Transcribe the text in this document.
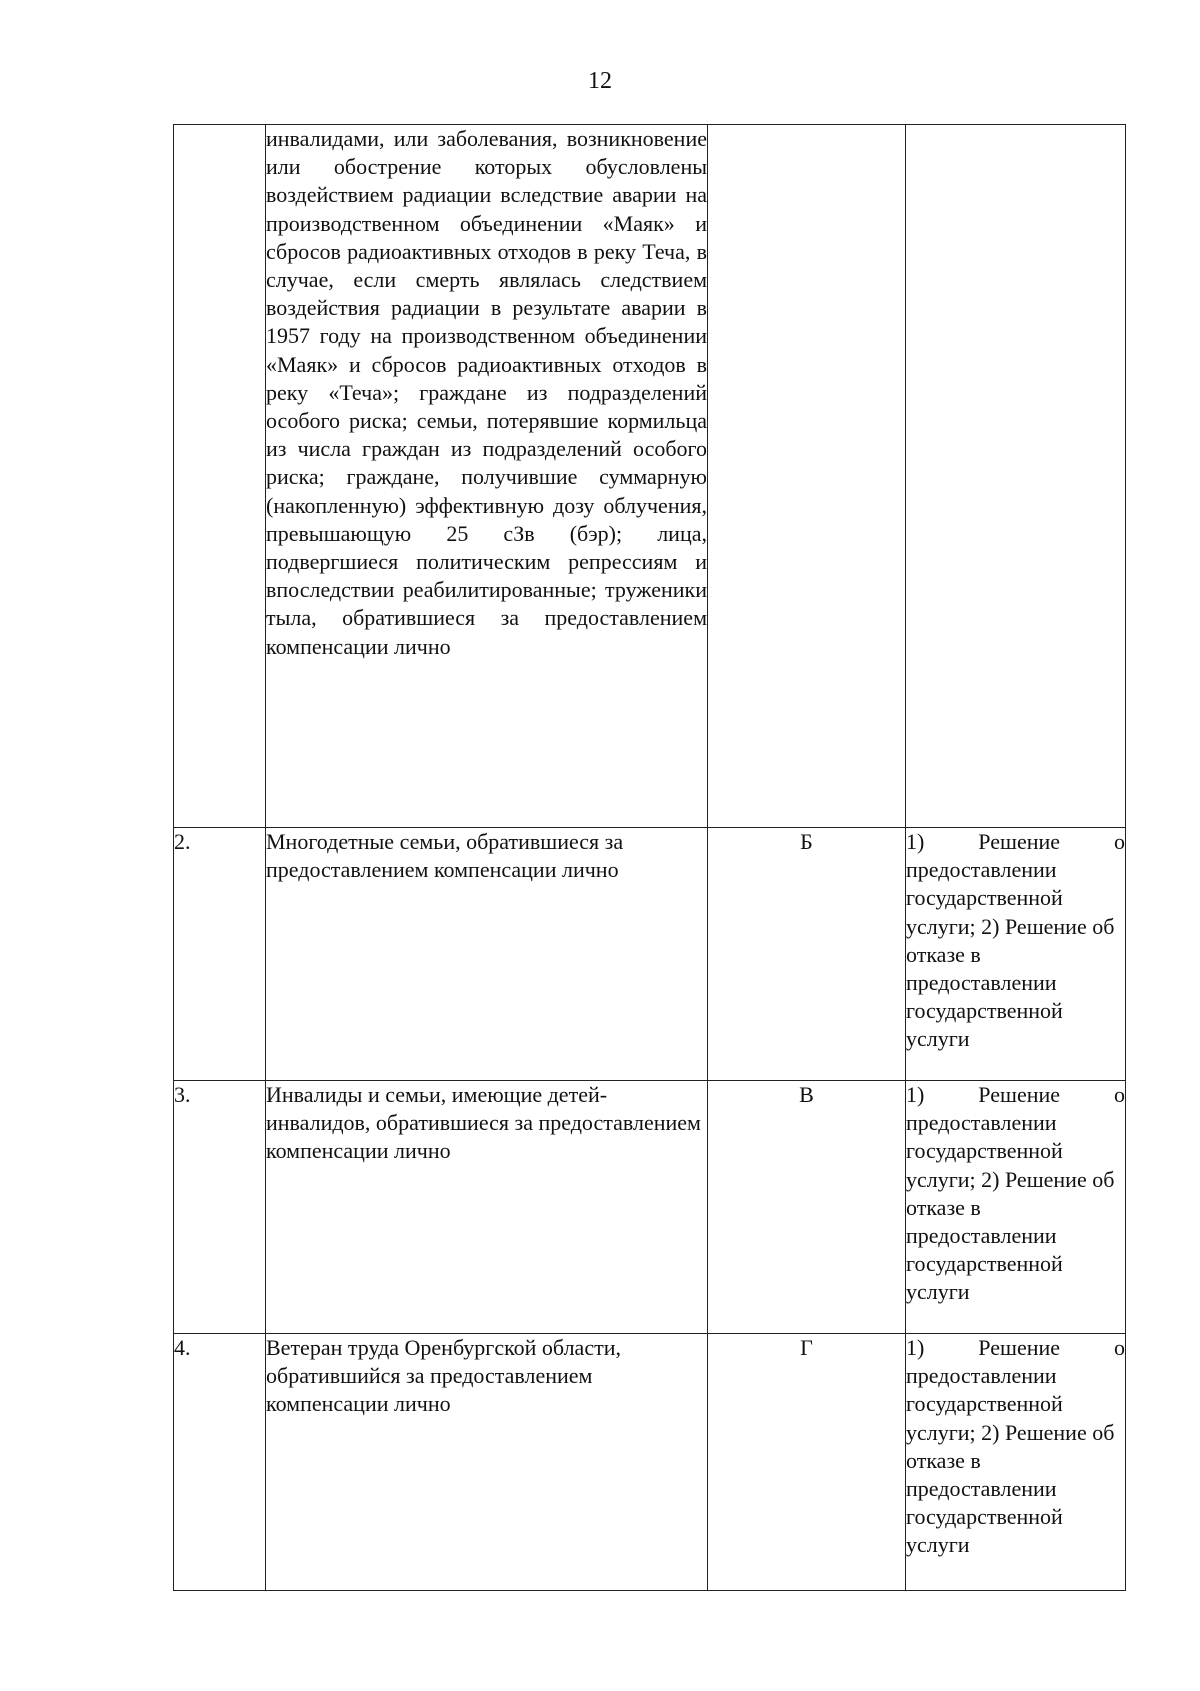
12
	инвалидами, или заболевания, возникновение или обострение которых обусловлены воздействием радиации вследствие аварии на производственном объединении «Маяк» и сбросов радиоактивных отходов в реку Теча, в случае, если смерть являлась следствием воздействия радиации в результате аварии в 1957 году на производственном объединении «Маяк» и сбросов радиоактивных отходов в реку «Теча»; граждане из подразделений особого риска; семьи, потерявшие кормильца из числа граждан из подразделений особого риска; граждане, получившие суммарную (накопленную) эффективную дозу облучения, превышающую 25 сЗв (бэр); лица, подвергшиеся политическим репрессиям и впоследствии реабилитированные; труженики тыла, обратившиеся за предоставлением компенсации лично		
2.	Многодетные семьи, обратившиеся за предоставлением компенсации лично	Б	1) Решение о
предоставлении государственной услуги; 2) Решение об отказе в предоставлении государственной услуги

3.	Инвалиды и семьи, имеющие детей-инвалидов, обратившиеся за предоставлением компенсации лично	В	1) Решение о
предоставлении государственной услуги; 2) Решение об отказе в предоставлении государственной услуги

4.	Ветеран труда Оренбургской области, обратившийся за предоставлением компенсации лично	Г	1) Решение о
предоставлении государственной услуги; 2) Решение об отказе в предоставлении государственной услуги
